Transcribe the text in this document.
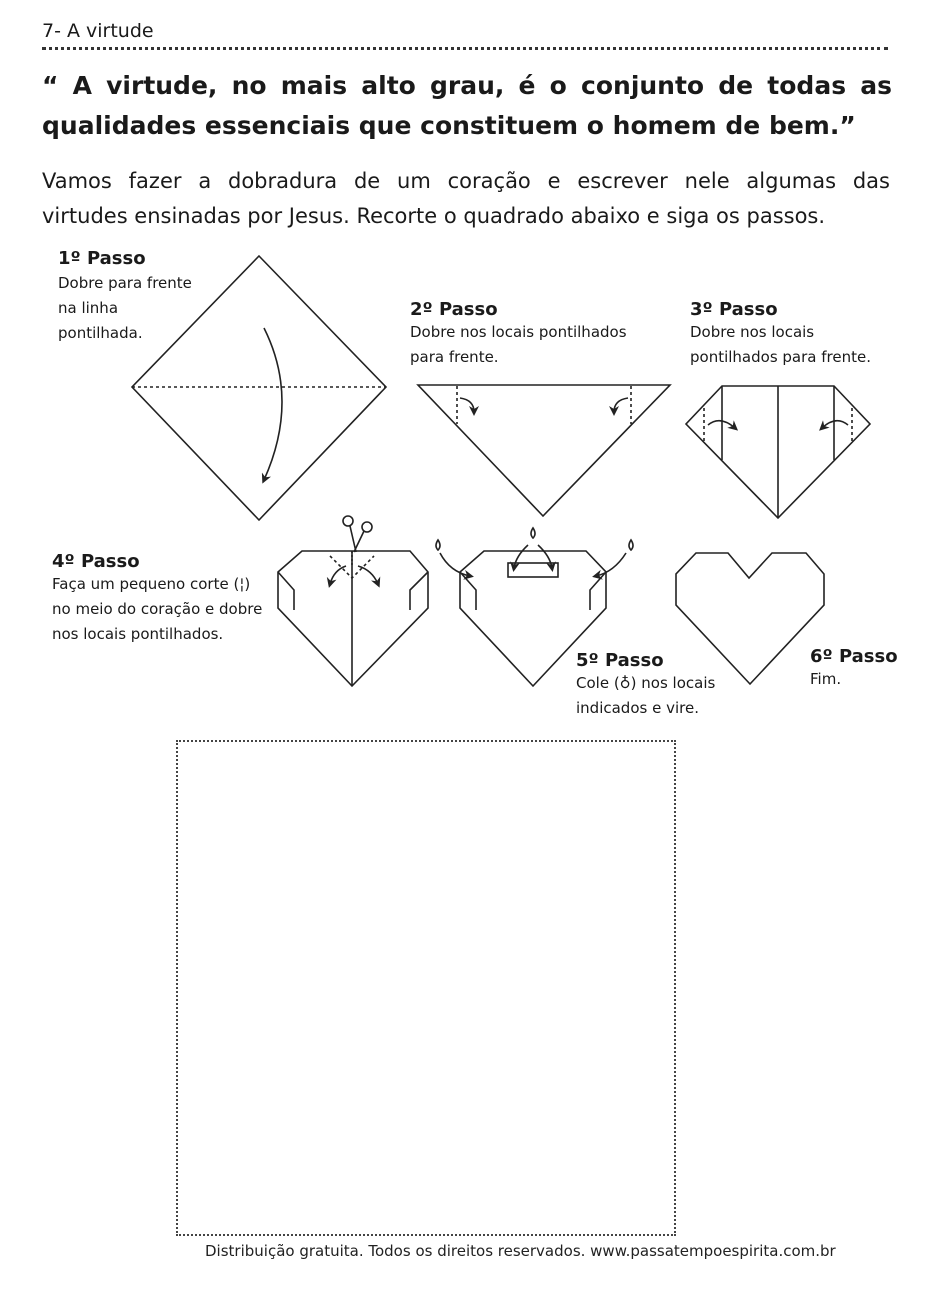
7- A virtude
“ A virtude, no mais alto grau, é o conjunto de todas as
qualidades essenciais que constituem o homem de bem.”
Vamos fazer a dobradura de um coração e escrever nele algumas das
virtudes ensinadas por Jesus. Recorte o quadrado abaixo e siga os passos.
1º Passo
Dobre para frente
na linha
pontilhada.
2º Passo
Dobre nos locais pontilhados
para frente.
3º Passo
Dobre nos locais
pontilhados para frente.
4º Passo
Faça um pequeno corte (¦)
no meio do coração e dobre
nos locais pontilhados.
5º Passo
Cole (♁) nos locais
indicados e vire.
6º Passo
Fim.
Distribuição gratuita. Todos os direitos reservados. www.passatempoespirita.com.br
